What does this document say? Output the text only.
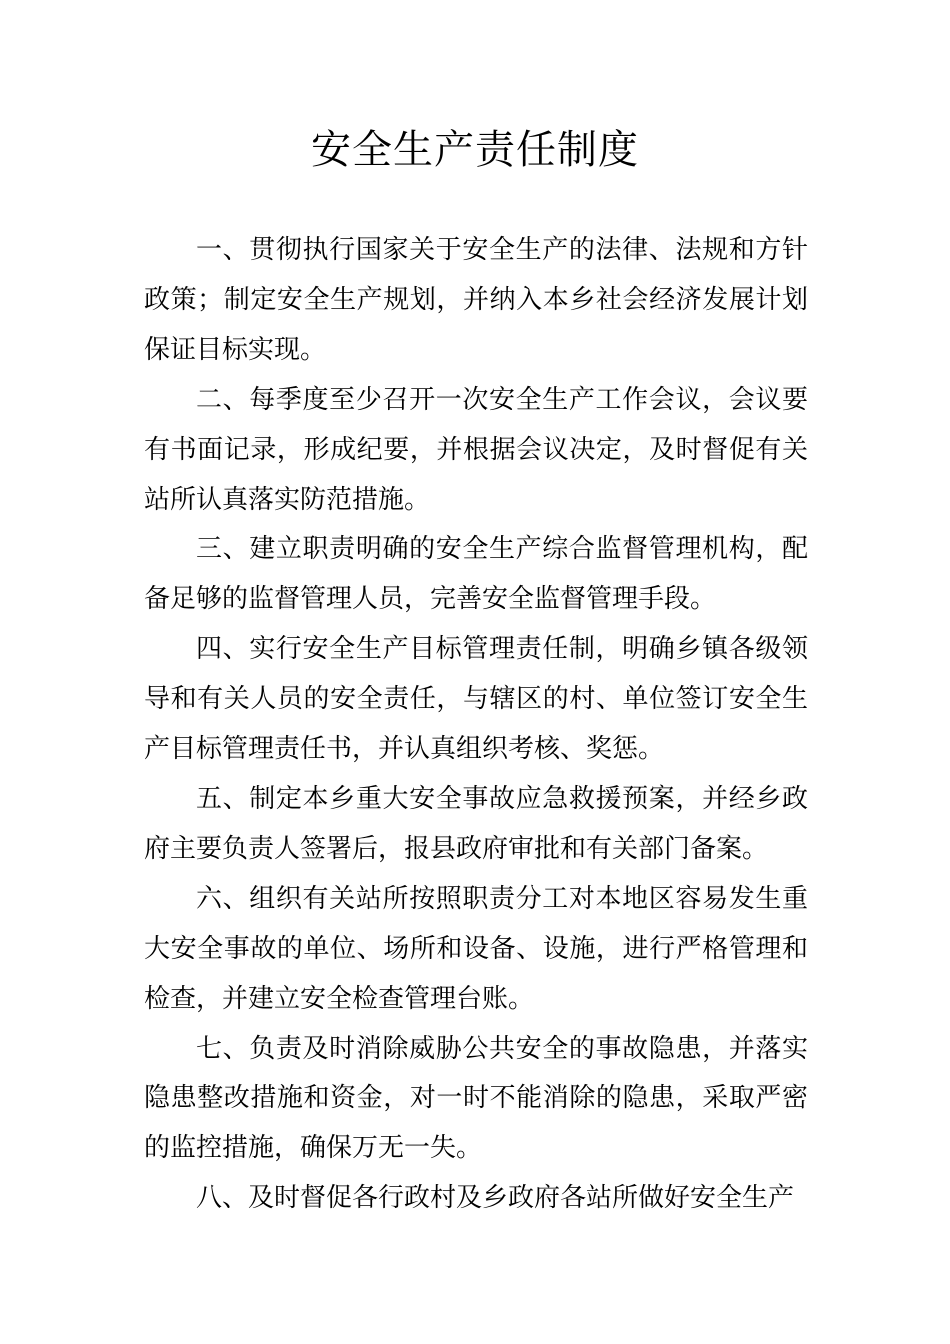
安全生产责任制度

一、贯彻执行国家关于安全生产的法律、法规和方针政策；制定安全生产规划，并纳入本乡社会经济发展计划保证目标实现。

二、每季度至少召开一次安全生产工作会议，会议要有书面记录，形成纪要，并根据会议决定，及时督促有关站所认真落实防范措施。

三、建立职责明确的安全生产综合监督管理机构，配备足够的监督管理人员，完善安全监督管理手段。

四、实行安全生产目标管理责任制，明确乡镇各级领导和有关人员的安全责任，与辖区的村、单位签订安全生产目标管理责任书，并认真组织考核、奖惩。

五、制定本乡重大安全事故应急救援预案，并经乡政府主要负责人签署后，报县政府审批和有关部门备案。

六、组织有关站所按照职责分工对本地区容易发生重大安全事故的单位、场所和设备、设施，进行严格管理和检查，并建立安全检查管理台账。

七、负责及时消除威胁公共安全的事故隐患，并落实隐患整改措施和资金，对一时不能消除的隐患，采取严密的监控措施，确保万无一失。

八、及时督促各行政村及乡政府各站所做好安全生产
